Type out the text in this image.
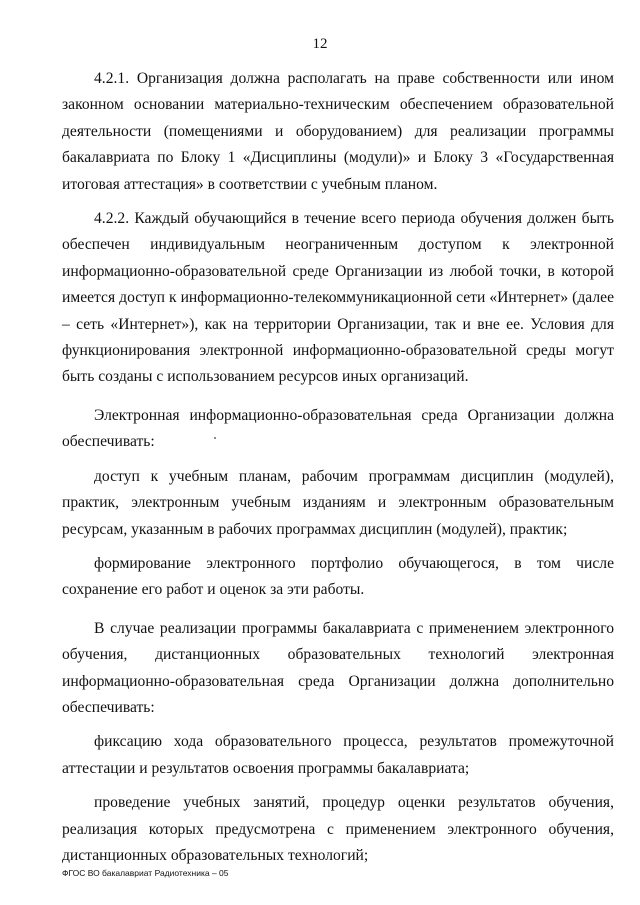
12

4.2.1. Организация должна располагать на праве собственности или ином законном основании материально-техническим обеспечением образовательной деятельности (помещениями и оборудованием) для реализации программы бакалавриата по Блоку 1 «Дисциплины (модули)» и Блоку 3 «Государственная итоговая аттестация» в соответствии с учебным планом.

4.2.2. Каждый обучающийся в течение всего периода обучения должен быть обеспечен индивидуальным неограниченным доступом к электронной информационно-образовательной среде Организации из любой точки, в которой имеется доступ к информационно-телекоммуникационной сети «Интернет» (далее – сеть «Интернет»), как на территории Организации, так и вне ее. Условия для функционирования электронной информационно-образовательной среды могут быть созданы с использованием ресурсов иных организаций.

Электронная информационно-образовательная среда Организации должна обеспечивать:

доступ к учебным планам, рабочим программам дисциплин (модулей), практик, электронным учебным изданиям и электронным образовательным ресурсам, указанным в рабочих программах дисциплин (модулей), практик;

формирование электронного портфолио обучающегося, в том числе сохранение его работ и оценок за эти работы.

В случае реализации программы бакалавриата с применением электронного обучения, дистанционных образовательных технологий электронная информационно-образовательная среда Организации должна дополнительно обеспечивать:

фиксацию хода образовательного процесса, результатов промежуточной аттестации и результатов освоения программы бакалавриата;

проведение учебных занятий, процедур оценки результатов обучения, реализация которых предусмотрена с применением электронного обучения, дистанционных образовательных технологий;

ФГОС ВО бакалавриат Радиотехника – 05
